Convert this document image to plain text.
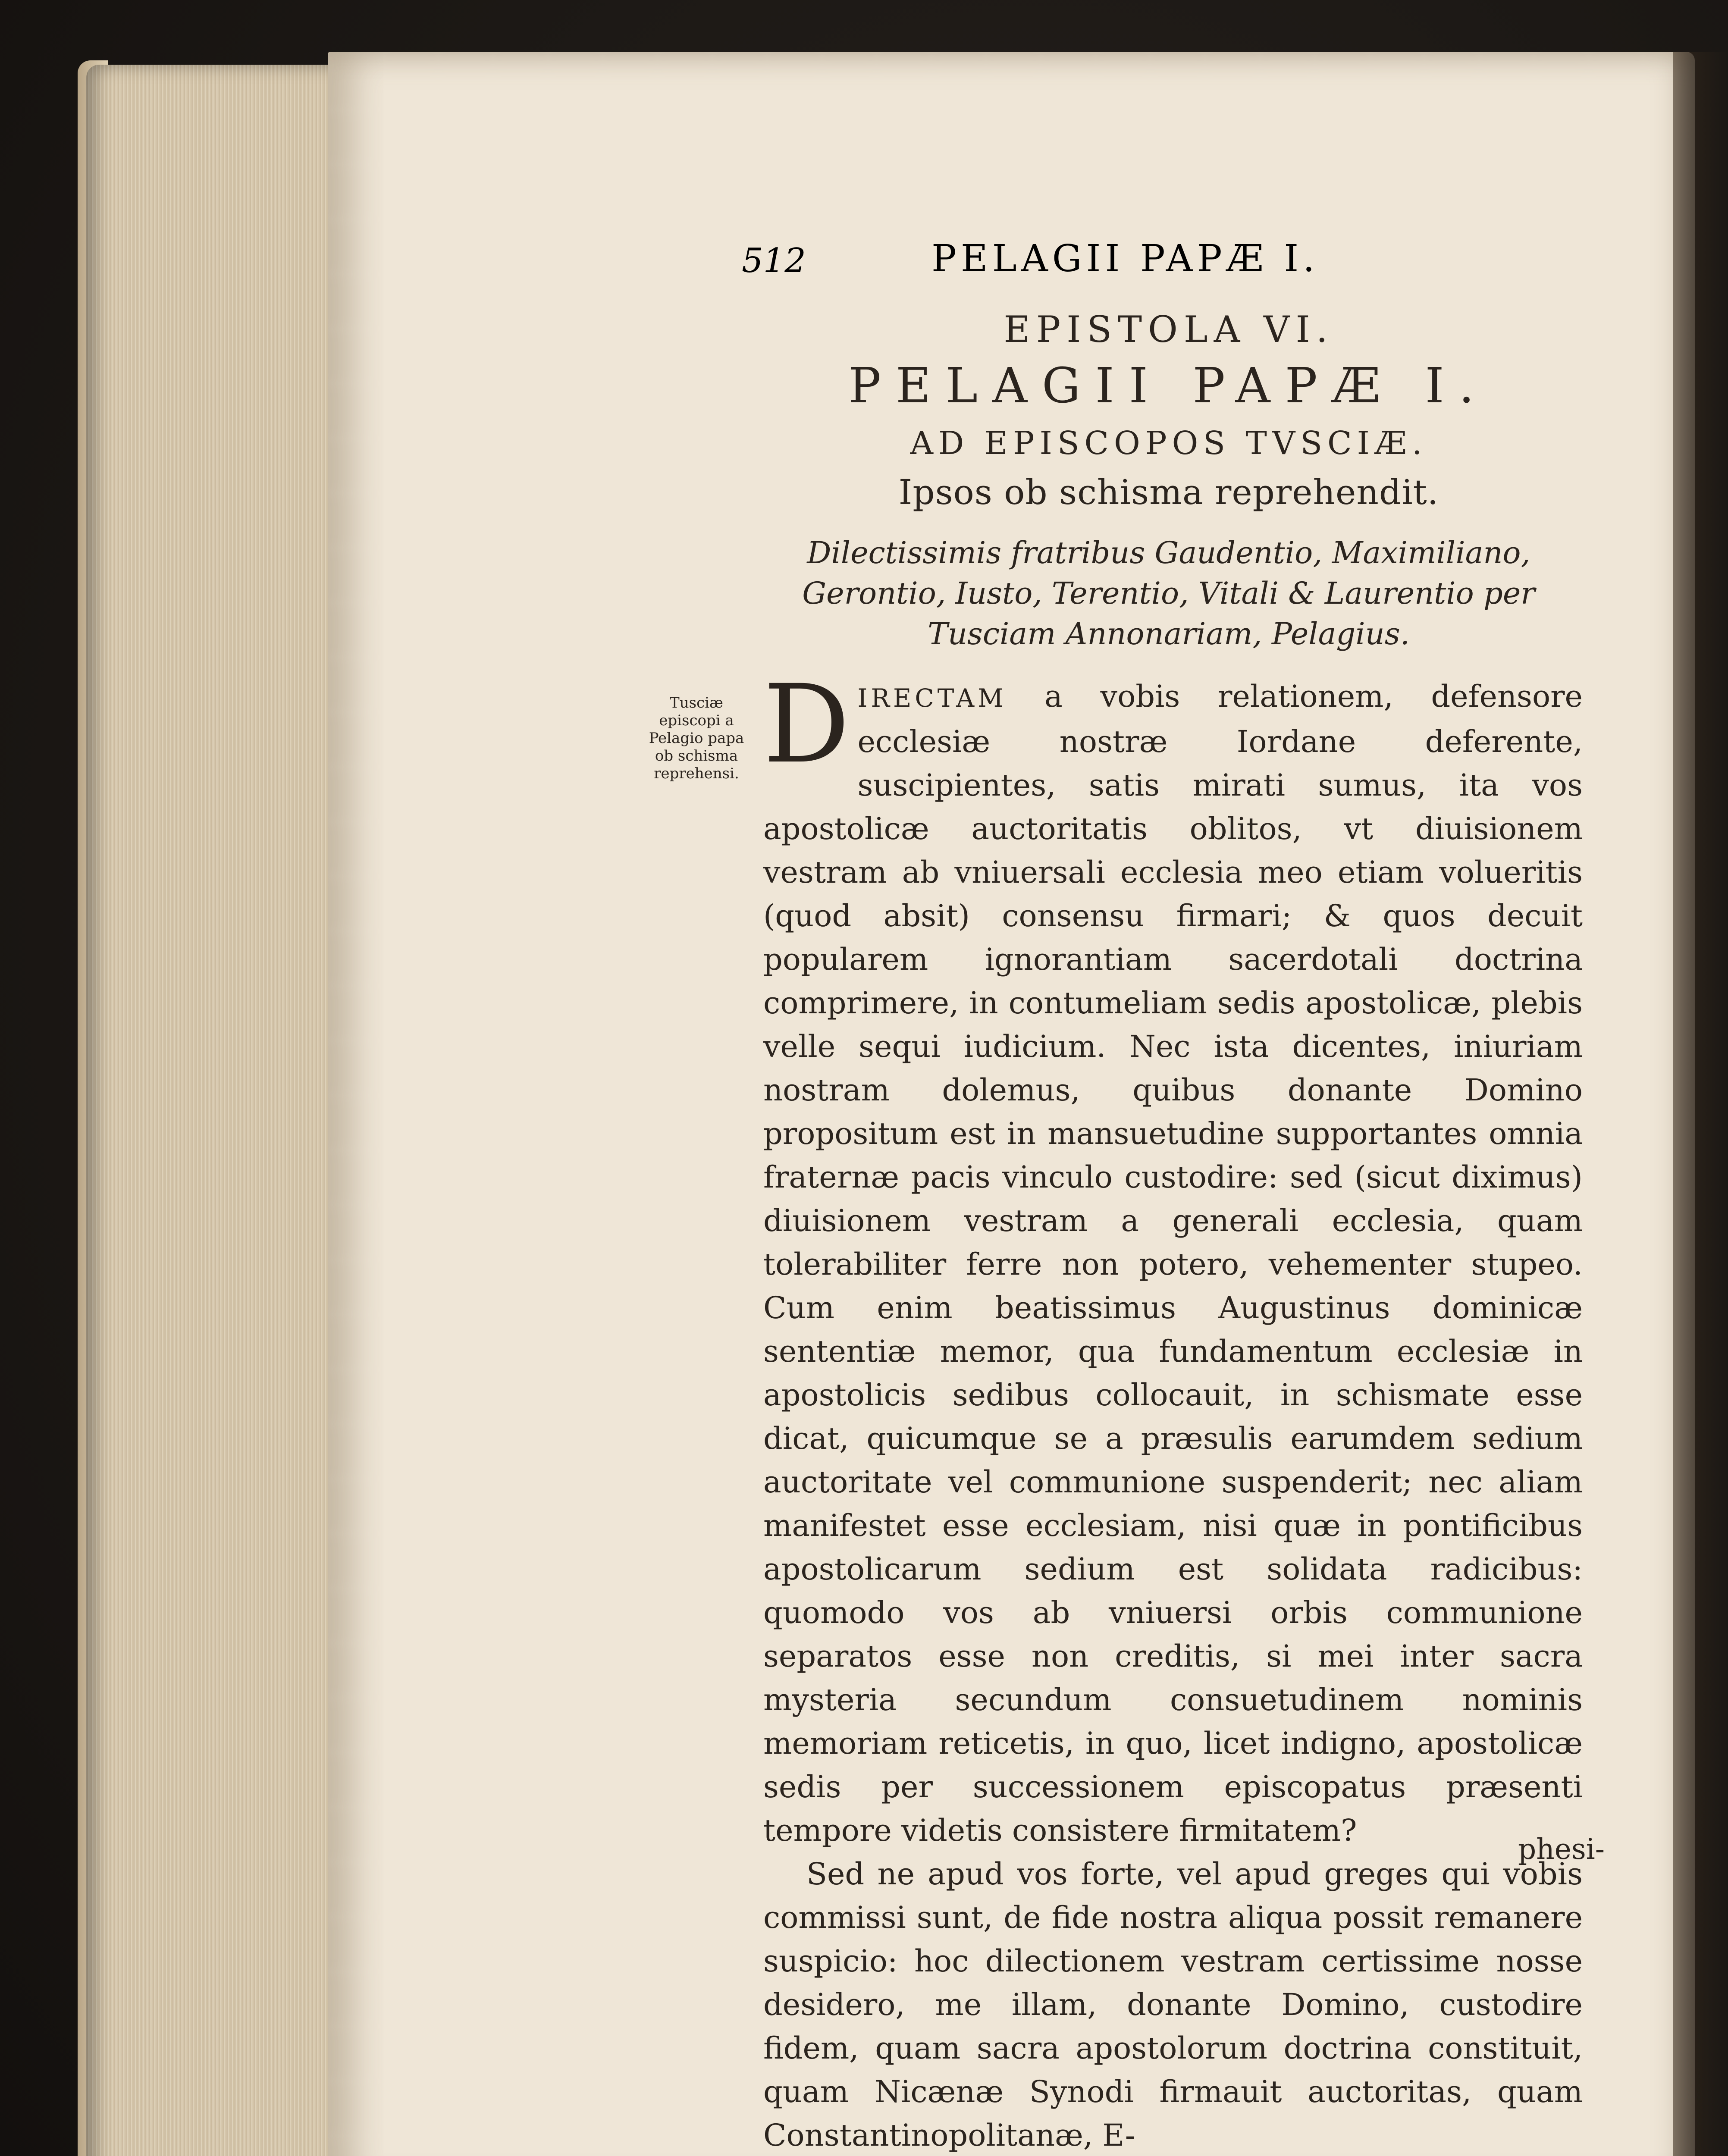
512	PELAGII PAPÆ I.
EPISTOLA VI.
PELAGII PAPÆ I.
AD EPISCOPOS TVSCIÆ.
Ipsos ob schisma reprehendit.
Dilectissimis fratribus Gaudentio, Maximiliano, Gerontio, Iusto, Terentio, Vitali & Laurentio per Tusciam Annonariam, Pelagius.
Tusciæ episcopi a Pelagio papa ob schisma reprehensi. DIRECTAM a vobis relationem, defensore ecclesiæ nostræ Iordane deferente, suscipientes, satis mirati sumus, ita vos apostolicæ auctoritatis oblitos, vt diuisionem vestram ab vniuersali ecclesia meo etiam volueritis (quod absit) consensu firmari; & quos decuit popularem ignorantiam sacerdotali doctrina comprimere, in contumeliam sedis apostolicæ, plebis velle sequi iudicium. Nec ista dicentes, iniuriam nostram dolemus, quibus donante Domino propositum est in mansuetudine supportantes omnia fraternæ pacis vinculo custodire: sed (sicut diximus) diuisionem vestram a generali ecclesia, quam tolerabiliter ferre non potero, vehementer stupeo. Cum enim beatissimus Augustinus dominicæ sententiæ memor, qua fundamentum ecclesiæ in apostolicis sedibus collocauit, in schismate esse dicat, quicumque se a præsulis earumdem sedium auctoritate vel communione suspenderit; nec aliam manifestet esse ecclesiam, nisi quæ in pontificibus apostolicarum sedium est solidata radicibus: quomodo vos ab vniuersi orbis communione separatos esse non creditis, si mei inter sacra mysteria secundum consuetudinem nominis memoriam reticetis, in quo, licet indigno, apostolicæ sedis per successionem episcopatus præsenti tempore videtis consistere firmitatem?

Sed ne apud vos forte, vel apud greges qui vobis commissi sunt, de fide nostra aliqua possit remanere suspicio: hoc dilectionem vestram certissime nosse desidero, me illam, donante Domino, custodire fidem, quam sacra apostolorum doctrina constituit, quam Nicænæ Synodi firmauit auctoritas, quam Constantinopolitanæ, E-

phesi-
